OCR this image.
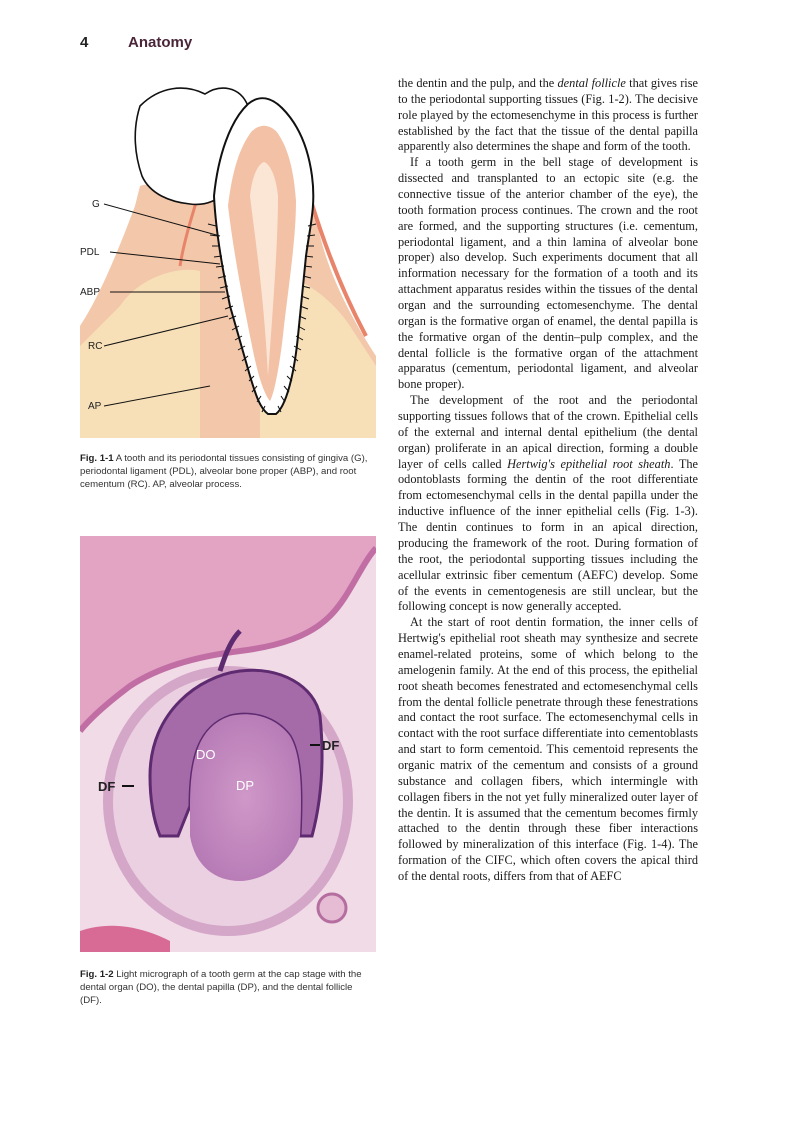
4	Anatomy
G
PDL
ABP
RC
AP
Fig. 1-1 A tooth and its periodontal tissues consisting of gingiva (G), periodontal ligament (PDL), alveolar bone proper (ABP), and root cementum (RC). AP, alveolar process.
DO
DP
DF
DF
Fig. 1-2 Light micrograph of a tooth germ at the cap stage with the dental organ (DO), the dental papilla (DP), and the dental follicle (DF).

the dentin and the pulp, and the dental follicle that gives rise to the periodontal supporting tissues (Fig. 1-2). The decisive role played by the ectomesenchyme in this process is further established by the fact that the tissue of the dental papilla apparently also determines the shape and form of the tooth.

If a tooth germ in the bell stage of development is dissected and transplanted to an ectopic site (e.g. the connective tissue of the anterior chamber of the eye), the tooth formation process continues. The crown and the root are formed, and the supporting structures (i.e. cementum, periodontal ligament, and a thin lamina of alveolar bone proper) also develop. Such experiments document that all information necessary for the formation of a tooth and its attachment apparatus resides within the tissues of the dental organ and the surrounding ectomesenchyme. The dental organ is the formative organ of enamel, the dental papilla is the formative organ of the dentin–pulp complex, and the dental follicle is the formative organ of the attachment apparatus (cementum, periodontal ligament, and alveolar bone proper).

The development of the root and the periodontal supporting tissues follows that of the crown. Epithelial cells of the external and internal dental epithelium (the dental organ) proliferate in an apical direction, forming a double layer of cells called Hertwig's epithelial root sheath. The odontoblasts forming the dentin of the root differentiate from ectomesenchymal cells in the dental papilla under the inductive influence of the inner epithelial cells (Fig. 1-3). The dentin continues to form in an apical direction, producing the framework of the root. During formation of the root, the periodontal supporting tissues including the acellular extrinsic fiber cementum (AEFC) develop. Some of the events in cementogenesis are still unclear, but the following concept is now generally accepted.

At the start of root dentin formation, the inner cells of Hertwig's epithelial root sheath may synthesize and secrete enamel-related proteins, some of which belong to the amelogenin family. At the end of this process, the epithelial root sheath becomes fenestrated and ectomesenchymal cells from the dental follicle penetrate through these fenestrations and contact the root surface. The ectomesenchymal cells in contact with the root surface differentiate into cementoblasts and start to form cementoid. This cementoid represents the organic matrix of the cementum and consists of a ground substance and collagen fibers, which intermingle with collagen fibers in the not yet fully mineralized outer layer of the dentin. It is assumed that the cementum becomes firmly attached to the dentin through these fiber interactions followed by mineralization of this interface (Fig. 1-4). The formation of the CIFC, which often covers the apical third of the dental roots, differs from that of AEFC
